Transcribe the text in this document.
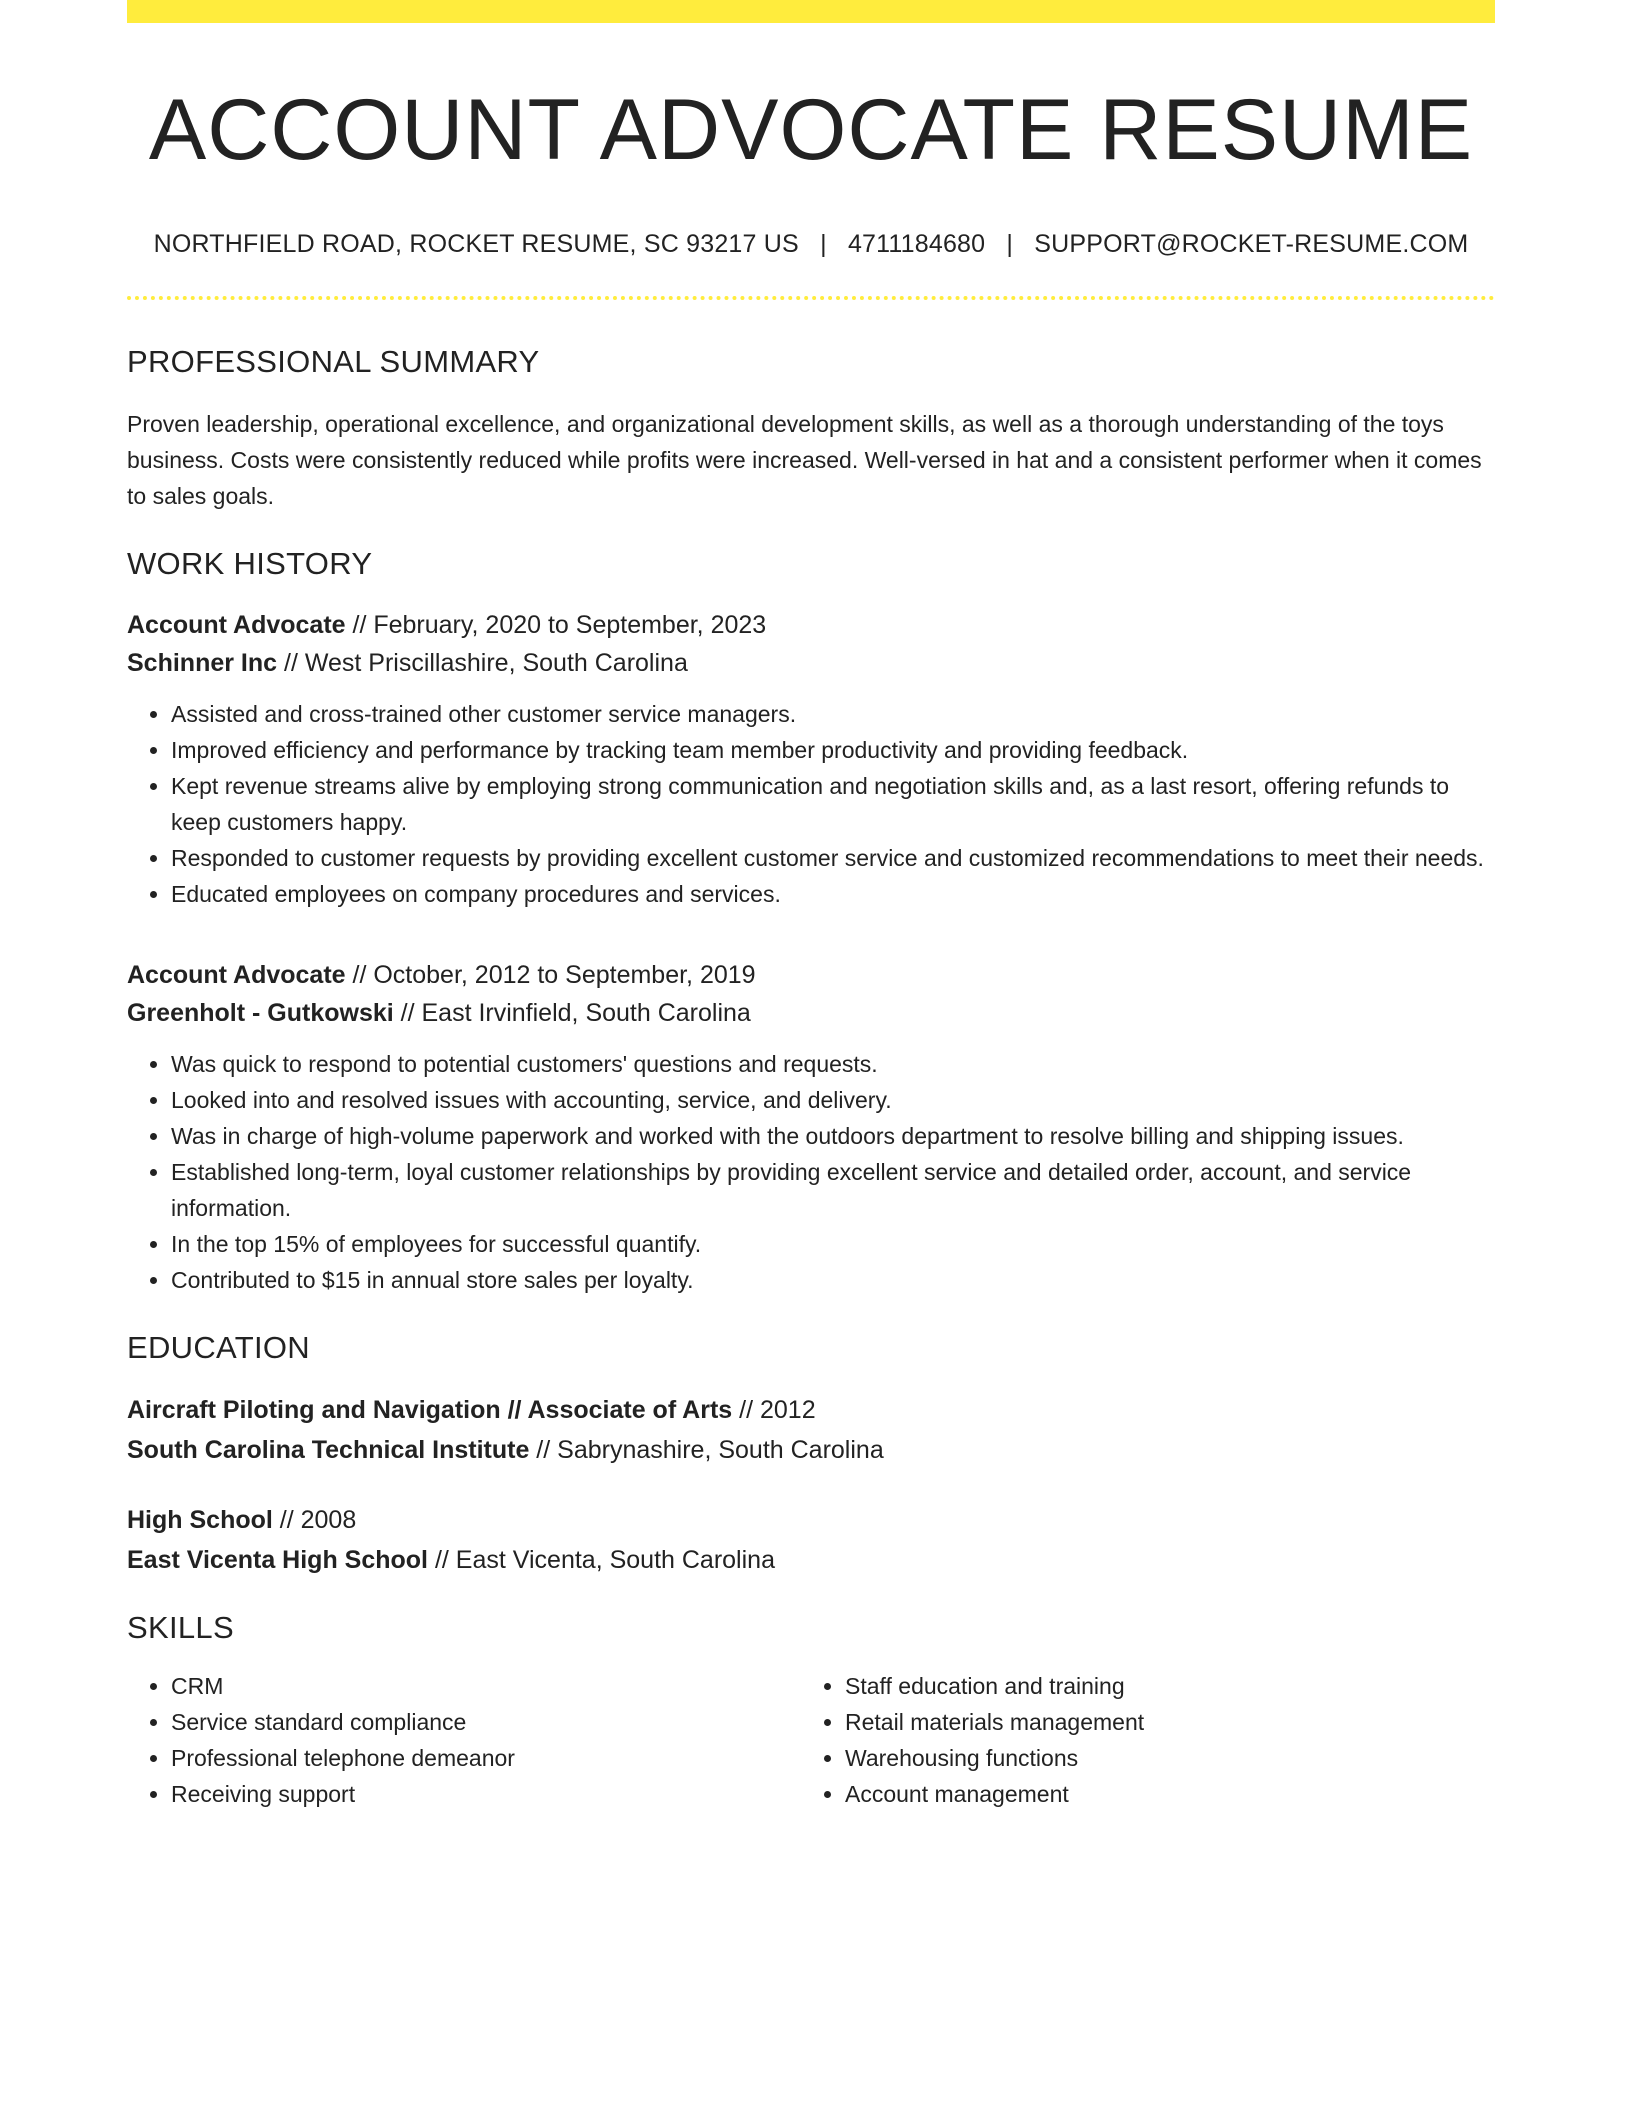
ACCOUNT ADVOCATE RESUME
NORTHFIELD ROAD, ROCKET RESUME, SC 93217 US | 4711184680 | SUPPORT@ROCKET-RESUME.COM
PROFESSIONAL SUMMARY
Proven leadership, operational excellence, and organizational development skills, as well as a thorough understanding of the toys business. Costs were consistently reduced while profits were increased. Well-versed in hat and a consistent performer when it comes to sales goals.
WORK HISTORY
Account Advocate // February, 2020 to September, 2023
Schinner Inc // West Priscillashire, South Carolina
• Assisted and cross-trained other customer service managers.
• Improved efficiency and performance by tracking team member productivity and providing feedback.
• Kept revenue streams alive by employing strong communication and negotiation skills and, as a last resort, offering refunds to keep customers happy.
• Responded to customer requests by providing excellent customer service and customized recommendations to meet their needs.
• Educated employees on company procedures and services.
Account Advocate // October, 2012 to September, 2019
Greenholt - Gutkowski // East Irvinfield, South Carolina
• Was quick to respond to potential customers' questions and requests.
• Looked into and resolved issues with accounting, service, and delivery.
• Was in charge of high-volume paperwork and worked with the outdoors department to resolve billing and shipping issues.
• Established long-term, loyal customer relationships by providing excellent service and detailed order, account, and service information.
• In the top 15% of employees for successful quantify.
• Contributed to $15 in annual store sales per loyalty.
EDUCATION
Aircraft Piloting and Navigation // Associate of Arts // 2012
South Carolina Technical Institute // Sabrynashire, South Carolina
High School // 2008
East Vicenta High School // East Vicenta, South Carolina
SKILLS
• CRM
• Service standard compliance
• Professional telephone demeanor
• Receiving support
• Staff education and training
• Retail materials management
• Warehousing functions
• Account management
